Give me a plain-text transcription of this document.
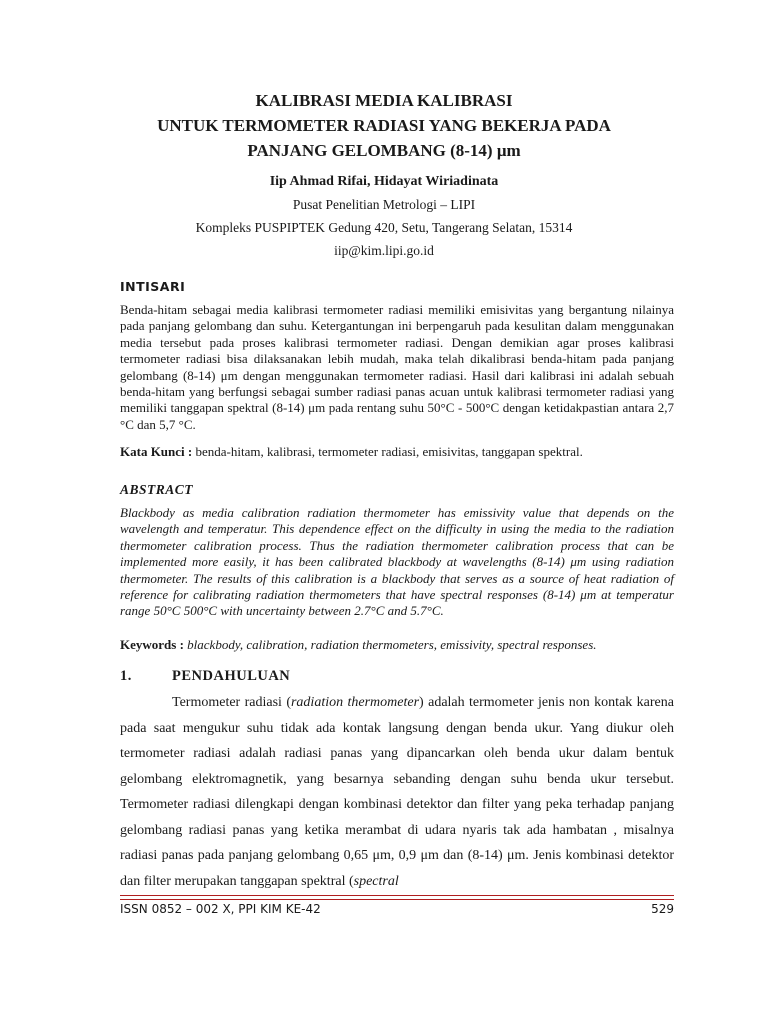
KALIBRASI MEDIA KALIBRASI
UNTUK TERMOMETER RADIASI YANG BEKERJA PADA
PANJANG GELOMBANG (8-14) μm
Iip Ahmad Rifai, Hidayat Wiriadinata
Pusat Penelitian Metrologi – LIPI
Kompleks PUSPIPTEK Gedung 420, Setu, Tangerang Selatan, 15314
iip@kim.lipi.go.id
INTISARI
Benda-hitam sebagai media kalibrasi termometer radiasi memiliki emisivitas yang bergantung nilainya pada panjang gelombang dan suhu. Ketergantungan ini berpengaruh pada kesulitan dalam menggunakan media tersebut pada proses kalibrasi termometer radiasi. Dengan demikian agar proses kalibrasi termometer radiasi bisa dilaksanakan lebih mudah, maka telah dikalibrasi benda-hitam pada panjang gelombang (8-14) μm dengan menggunakan termometer radiasi. Hasil dari kalibrasi ini adalah sebuah benda-hitam yang berfungsi sebagai sumber radiasi panas acuan untuk kalibrasi termometer radiasi yang memiliki tanggapan spektral (8-14) μm pada rentang suhu 50°C - 500°C dengan ketidakpastian antara 2,7 °C dan 5,7 °C.
Kata Kunci : benda-hitam, kalibrasi, termometer radiasi, emisivitas, tanggapan spektral.
ABSTRACT
Blackbody as media calibration radiation thermometer has emissivity value that depends on the wavelength and temperatur. This dependence effect on the difficulty in using the media to the radiation thermometer calibration process. Thus the radiation thermometer calibration process that can be implemented more easily, it has been calibrated blackbody at wavelengths (8-14) μm using radiation thermometer. The results of this calibration is a blackbody that serves as a source of heat radiation of reference for calibrating radiation thermometers that have spectral responses (8-14) μm at temperatur range 50°C 500°C with uncertainty between 2.7°C and 5.7°C.
Keywords : blackbody, calibration, radiation thermometers, emissivity, spectral responses.
1.	PENDAHULUAN
Termometer radiasi (radiation thermometer) adalah termometer jenis non kontak karena pada saat mengukur suhu tidak ada kontak langsung dengan benda ukur. Yang diukur oleh termometer radiasi adalah radiasi panas yang dipancarkan oleh benda ukur dalam bentuk gelombang elektromagnetik, yang besarnya sebanding dengan suhu benda ukur tersebut. Termometer radiasi dilengkapi dengan kombinasi detektor dan filter yang peka terhadap panjang gelombang radiasi panas yang ketika merambat di udara nyaris tak ada hambatan , misalnya radiasi panas pada panjang gelombang 0,65 μm, 0,9 μm dan (8-14) μm. Jenis kombinasi detektor dan filter merupakan tanggapan spektral (spectral
ISSN 0852 – 002 X, PPI KIM KE-42	529
